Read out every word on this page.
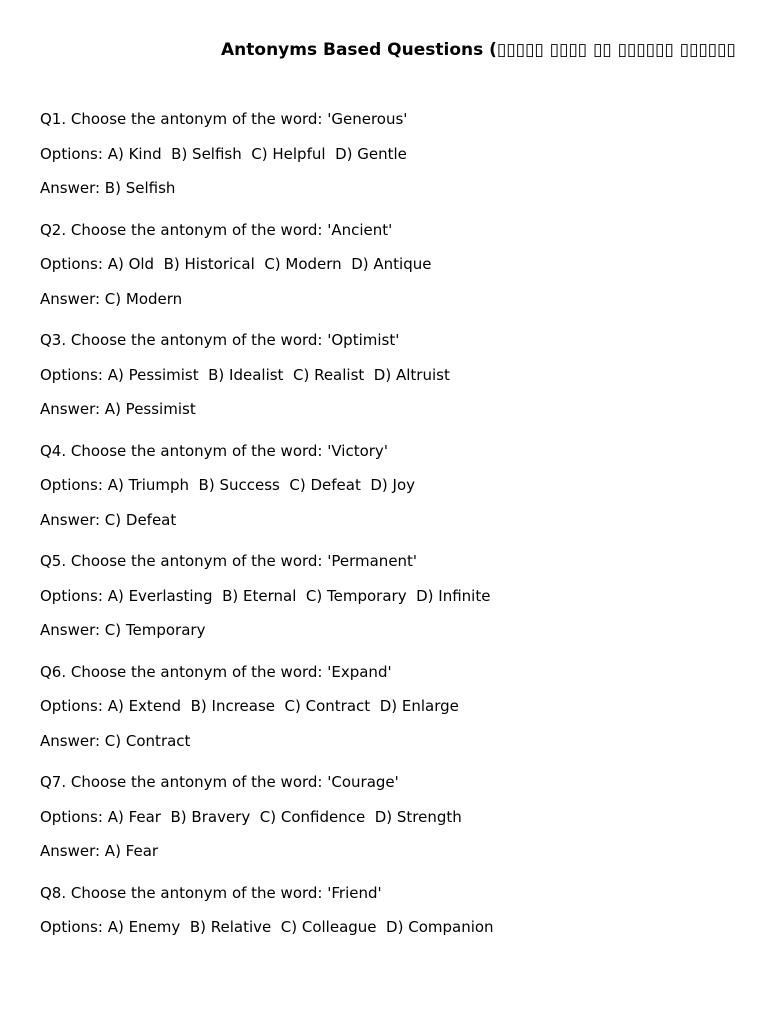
Antonyms Based Questions (▯▯▯▯▯ ▯▯▯▯ ▯▯ ▯▯▯▯▯▯ ▯▯▯▯▯▯
Q1. Choose the antonym of the word: 'Generous'
Options: A) Kind  B) Selfish  C) Helpful  D) Gentle
Answer: B) Selfish
Q2. Choose the antonym of the word: 'Ancient'
Options: A) Old  B) Historical  C) Modern  D) Antique
Answer: C) Modern
Q3. Choose the antonym of the word: 'Optimist'
Options: A) Pessimist  B) Idealist  C) Realist  D) Altruist
Answer: A) Pessimist
Q4. Choose the antonym of the word: 'Victory'
Options: A) Triumph  B) Success  C) Defeat  D) Joy
Answer: C) Defeat
Q5. Choose the antonym of the word: 'Permanent'
Options: A) Everlasting  B) Eternal  C) Temporary  D) Infinite
Answer: C) Temporary
Q6. Choose the antonym of the word: 'Expand'
Options: A) Extend  B) Increase  C) Contract  D) Enlarge
Answer: C) Contract
Q7. Choose the antonym of the word: 'Courage'
Options: A) Fear  B) Bravery  C) Confidence  D) Strength
Answer: A) Fear
Q8. Choose the antonym of the word: 'Friend'
Options: A) Enemy  B) Relative  C) Colleague  D) Companion
